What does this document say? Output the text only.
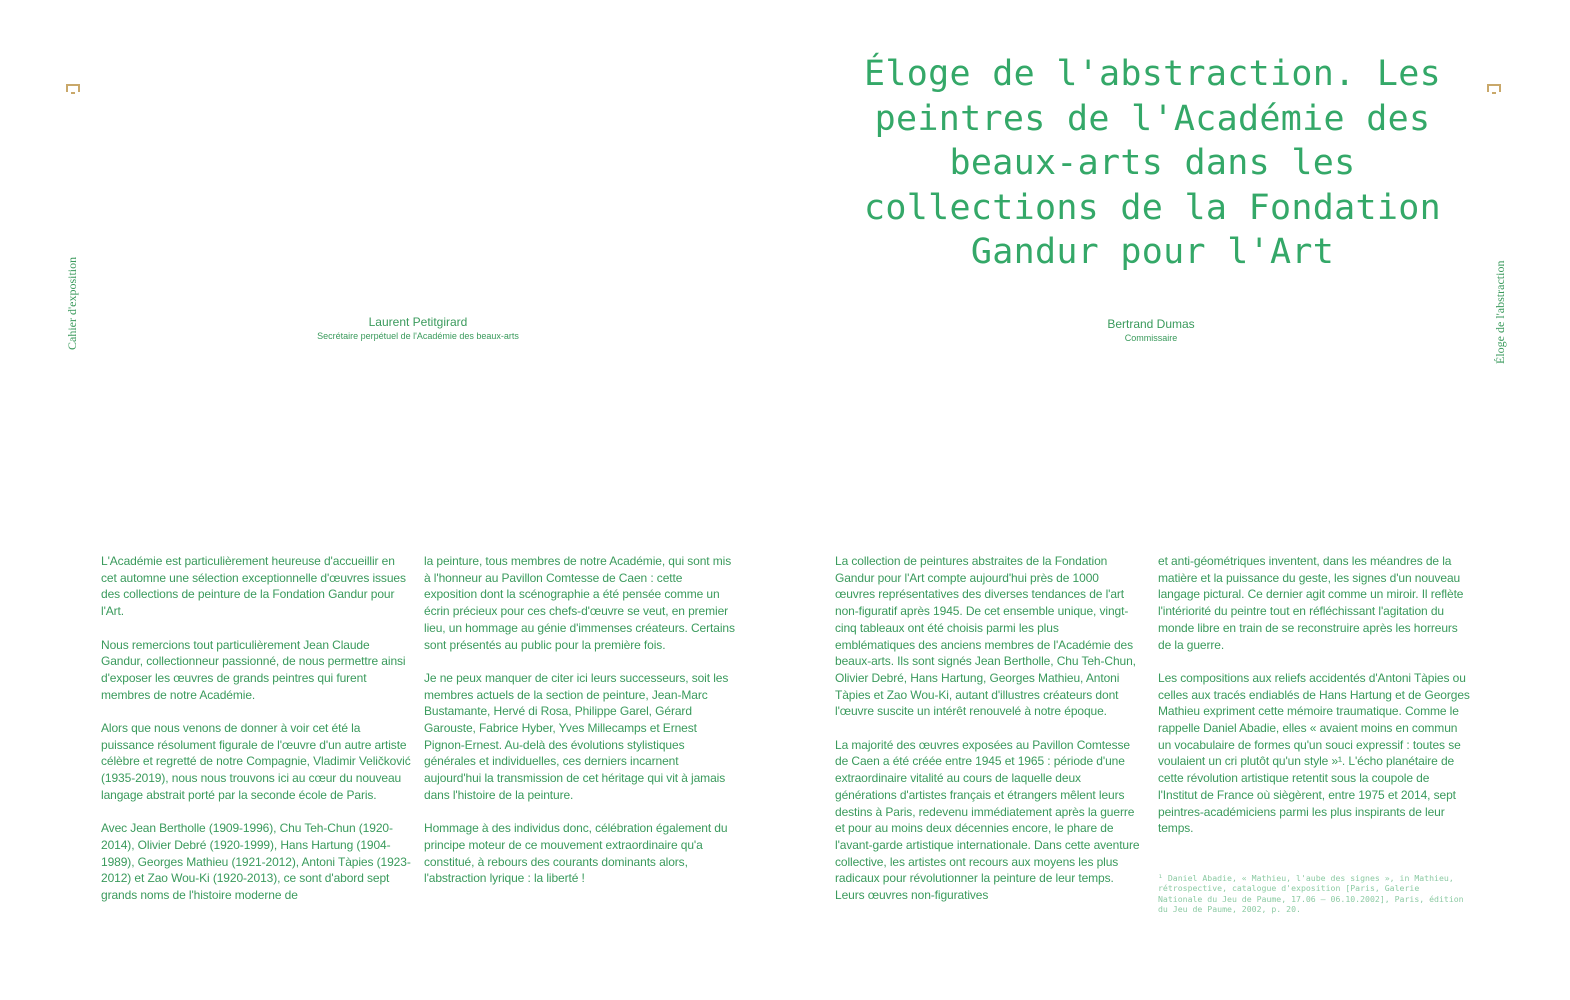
Cahier d'exposition	Éloge de l'abstraction
Laurent Petitgirard
Secrétaire perpétuel de l'Académie des beaux-arts
Éloge de l'abstraction. Les peintres de l'Académie des beaux-arts dans les collections de la Fondation Gandur pour l'Art
Bertrand Dumas
Commissaire

L'Académie est particulièrement heureuse d'accueillir en cet automne une sélection exceptionnelle d'œuvres issues des collections de peinture de la Fondation Gandur pour l'Art.

Nous remercions tout particulièrement Jean Claude Gandur, collectionneur passionné, de nous permettre ainsi d'exposer les œuvres de grands peintres qui furent membres de notre Académie.

Alors que nous venons de donner à voir cet été la puissance résolument figurale de l'œuvre d'un autre artiste célèbre et regretté de notre Compagnie, Vladimir Veličković (1935-2019), nous nous trouvons ici au cœur du nouveau langage abstrait porté par la seconde école de Paris.

Avec Jean Bertholle (1909-1996), Chu Teh-Chun (1920-2014), Olivier Debré (1920-1999), Hans Hartung (1904-1989), Georges Mathieu (1921-2012), Antoni Tàpies (1923-2012) et Zao Wou-Ki (1920-2013), ce sont d'abord sept grands noms de l'histoire moderne de

la peinture, tous membres de notre Académie, qui sont mis à l'honneur au Pavillon Comtesse de Caen : cette exposition dont la scénographie a été pensée comme un écrin précieux pour ces chefs-d'œuvre se veut, en premier lieu, un hommage au génie d'immenses créateurs. Certains sont présentés au public pour la première fois.

Je ne peux manquer de citer ici leurs successeurs, soit les membres actuels de la section de peinture, Jean-Marc Bustamante, Hervé di Rosa, Philippe Garel, Gérard Garouste, Fabrice Hyber, Yves Millecamps et Ernest Pignon-Ernest. Au-delà des évolutions stylistiques générales et individuelles, ces derniers incarnent aujourd'hui la transmission de cet héritage qui vit à jamais dans l'histoire de la peinture.

Hommage à des individus donc, célébration également du principe moteur de ce mouvement extraordinaire qu'a constitué, à rebours des courants dominants alors, l'abstraction lyrique : la liberté !

La collection de peintures abstraites de la Fondation Gandur pour l'Art compte aujourd'hui près de 1000 œuvres représentatives des diverses tendances de l'art non-figuratif après 1945. De cet ensemble unique, vingt-cinq tableaux ont été choisis parmi les plus emblématiques des anciens membres de l'Académie des beaux-arts. Ils sont signés Jean Bertholle, Chu Teh-Chun, Olivier Debré, Hans Hartung, Georges Mathieu, Antoni Tàpies et Zao Wou-Ki, autant d'illustres créateurs dont l'œuvre suscite un intérêt renouvelé à notre époque.

La majorité des œuvres exposées au Pavillon Comtesse de Caen a été créée entre 1945 et 1965 : période d'une extraordinaire vitalité au cours de laquelle deux générations d'artistes français et étrangers mêlent leurs destins à Paris, redevenu immédiatement après la guerre et pour au moins deux décennies encore, le phare de l'avant-garde artistique internationale. Dans cette aventure collective, les artistes ont recours aux moyens les plus radicaux pour révolutionner la peinture de leur temps. Leurs œuvres non-figuratives

et anti-géométriques inventent, dans les méandres de la matière et la puissance du geste, les signes d'un nouveau langage pictural. Ce dernier agit comme un miroir. Il reflète l'intériorité du peintre tout en réfléchissant l'agitation du monde libre en train de se reconstruire après les horreurs de la guerre.

Les compositions aux reliefs accidentés d'Antoni Tàpies ou celles aux tracés endiablés de Hans Hartung et de Georges Mathieu expriment cette mémoire traumatique. Comme le rappelle Daniel Abadie, elles « avaient moins en commun un vocabulaire de formes qu'un souci expressif : toutes se voulaient un cri plutôt qu'un style »¹. L'écho planétaire de cette révolution artistique retentit sous la coupole de l'Institut de France où siègèrent, entre 1975 et 2014, sept peintres-académiciens parmi les plus inspirants de leur temps.

¹ Daniel Abadie, « Mathieu, l'aube des signes », in Mathieu, rétrospective, catalogue d'exposition [Paris, Galerie Nationale du Jeu de Paume, 17.06 – 06.10.2002], Paris, édition du Jeu de Paume, 2002, p. 20.
